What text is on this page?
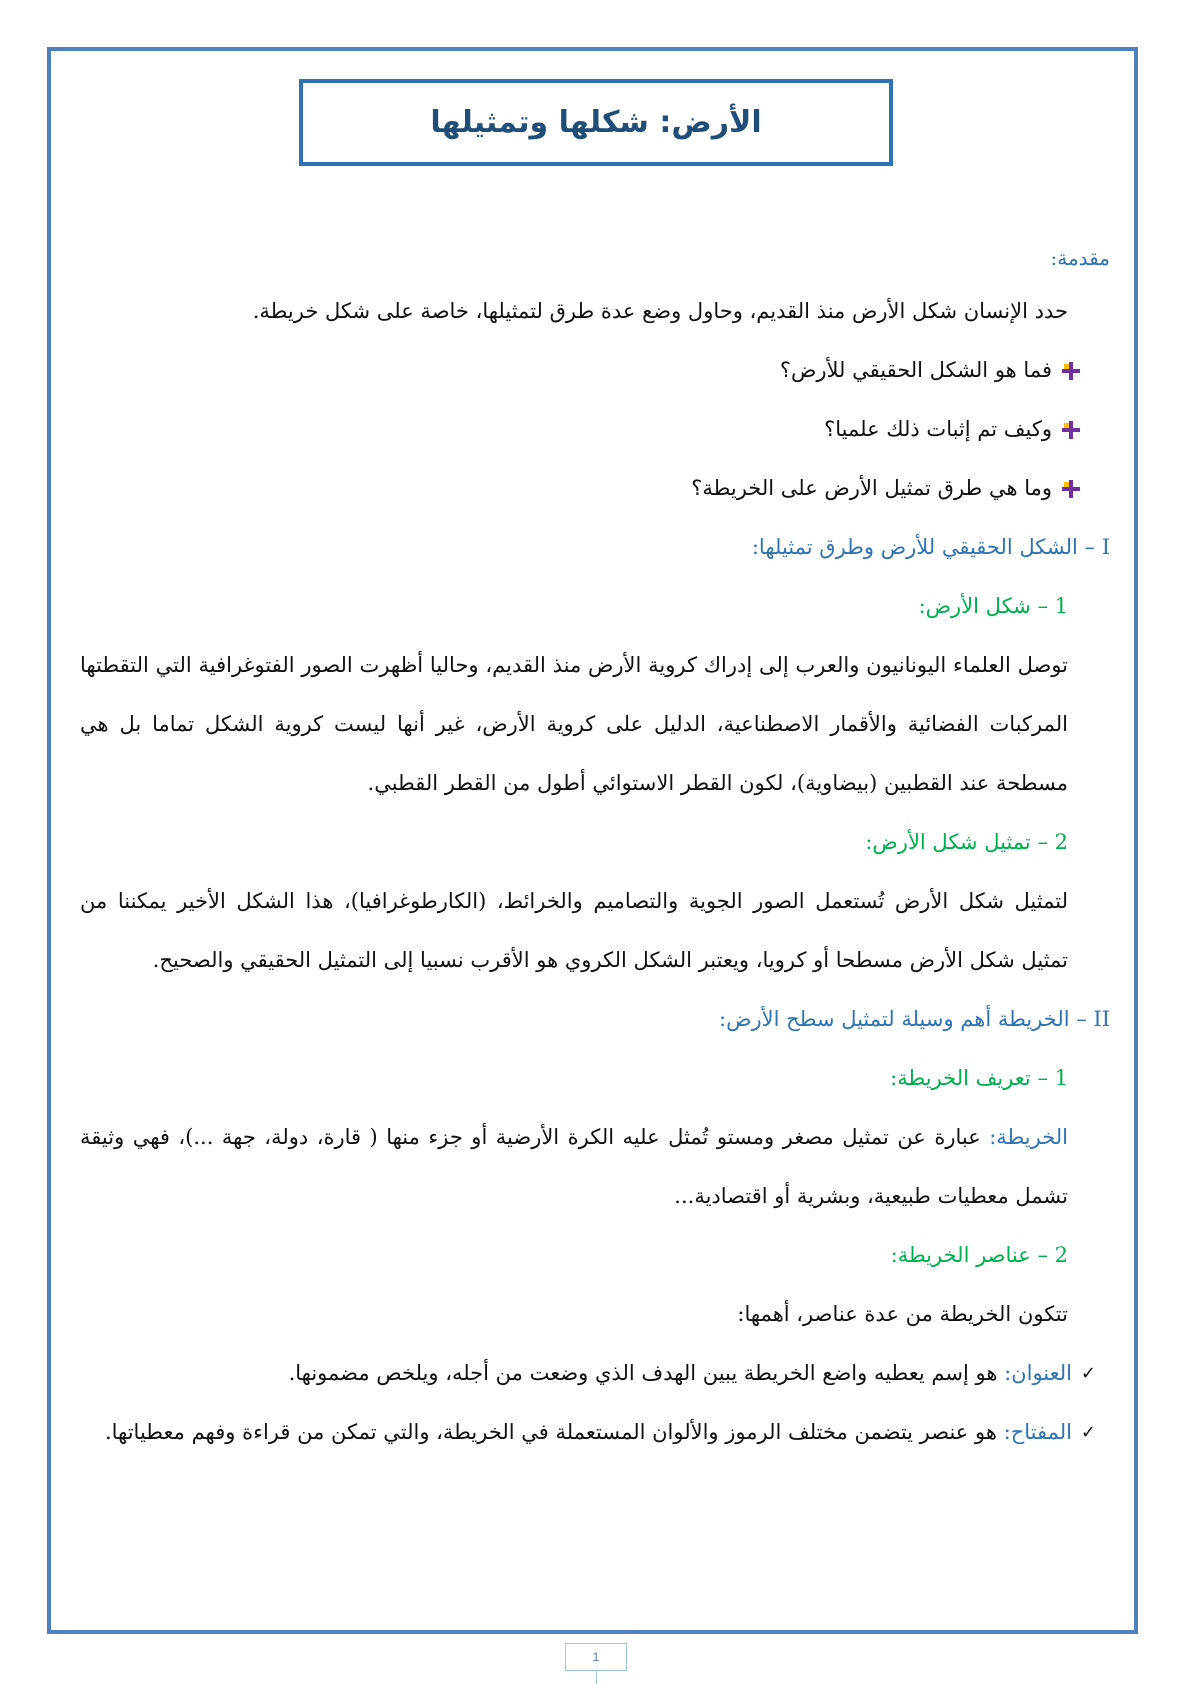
الأرض: شكلها وتمثيلها

مقدمة:

حدد الإنسان شكل الأرض منذ القديم، وحاول وضع عدة طرق لتمثيلها، خاصة على شكل خريطة.

فما هو الشكل الحقيقي للأرض؟

وكيف تم إثبات ذلك علميا؟

وما هي طرق تمثيل الأرض على الخريطة؟

I – الشكل الحقيقي للأرض وطرق تمثيلها:

1 – شكل الأرض:

توصل العلماء اليونانيون والعرب إلى إدراك كروية الأرض منذ القديم، وحاليا أظهرت الصور الفتوغرافية التي التقطتها المركبات الفضائية والأقمار الاصطناعية، الدليل على كروية الأرض، غير أنها ليست كروية الشكل تماما بل هي مسطحة عند القطبين (بيضاوية)، لكون القطر الاستوائي أطول من القطر القطبي.

2 – تمثيل شكل الأرض:

لتمثيل شكل الأرض تُستعمل الصور الجوية والتصاميم والخرائط، (الكارطوغرافيا)، هذا الشكل الأخير يمكننا من تمثيل شكل الأرض مسطحا أو كرويا، ويعتبر الشكل الكروي هو الأقرب نسبيا إلى التمثيل الحقيقي والصحيح.

II – الخريطة أهم وسيلة لتمثيل سطح الأرض:

1 – تعريف الخريطة:

الخريطة: عبارة عن تمثيل مصغر ومستو تُمثل عليه الكرة الأرضية أو جزء منها ( قارة، دولة، جهة ...)، فهي وثيقة تشمل معطيات طبيعية، وبشرية أو اقتصادية...

2 – عناصر الخريطة:

تتكون الخريطة من عدة عناصر، أهمها:

✓
العنوان: هو إسم يعطيه واضع الخريطة يبين الهدف الذي وضعت من أجله، ويلخص مضمونها.
✓
المفتاح: هو عنصر يتضمن مختلف الرموز والألوان المستعملة في الخريطة، والتي تمكن من قراءة وفهم معطياتها.
1
